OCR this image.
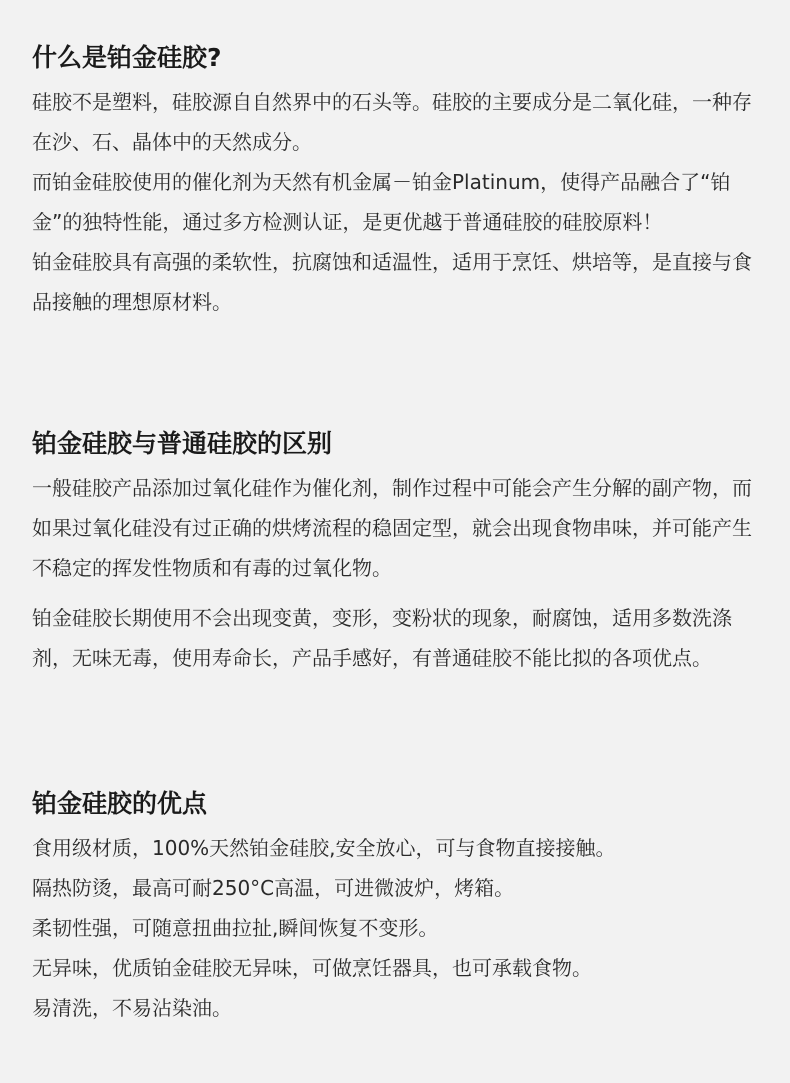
什么是铂金硅胶?

硅胶不是塑料，硅胶源自自然界中的石头等。硅胶的主要成分是二氧化硅，一种存在沙、石、晶体中的天然成分。

而铂金硅胶使用的催化剂为天然有机金属－铂金Platinum，使得产品融合了“铂金”的独特性能，通过多方检测认证，是更优越于普通硅胶的硅胶原料！

铂金硅胶具有高强的柔软性，抗腐蚀和适温性，适用于烹饪、烘培等，是直接与食品接触的理想原材料。

铂金硅胶与普通硅胶的区别

一般硅胶产品添加过氧化硅作为催化剂，制作过程中可能会产生分解的副产物，而如果过氧化硅没有过正确的烘烤流程的稳固定型，就会出现食物串味，并可能产生不稳定的挥发性物质和有毒的过氧化物。

铂金硅胶长期使用不会出现变黄，变形，变粉状的现象，耐腐蚀，适用多数洗涤剂，无味无毒，使用寿命长，产品手感好，有普通硅胶不能比拟的各项优点。

铂金硅胶的优点

食用级材质，100%天然铂金硅胶,安全放心，可与食物直接接触。

隔热防烫，最高可耐250°C高温，可进微波炉，烤箱。

柔韧性强，可随意扭曲拉扯,瞬间恢复不变形。

无异味，优质铂金硅胶无异味，可做烹饪器具，也可承载食物。

易清洗，不易沾染油。
